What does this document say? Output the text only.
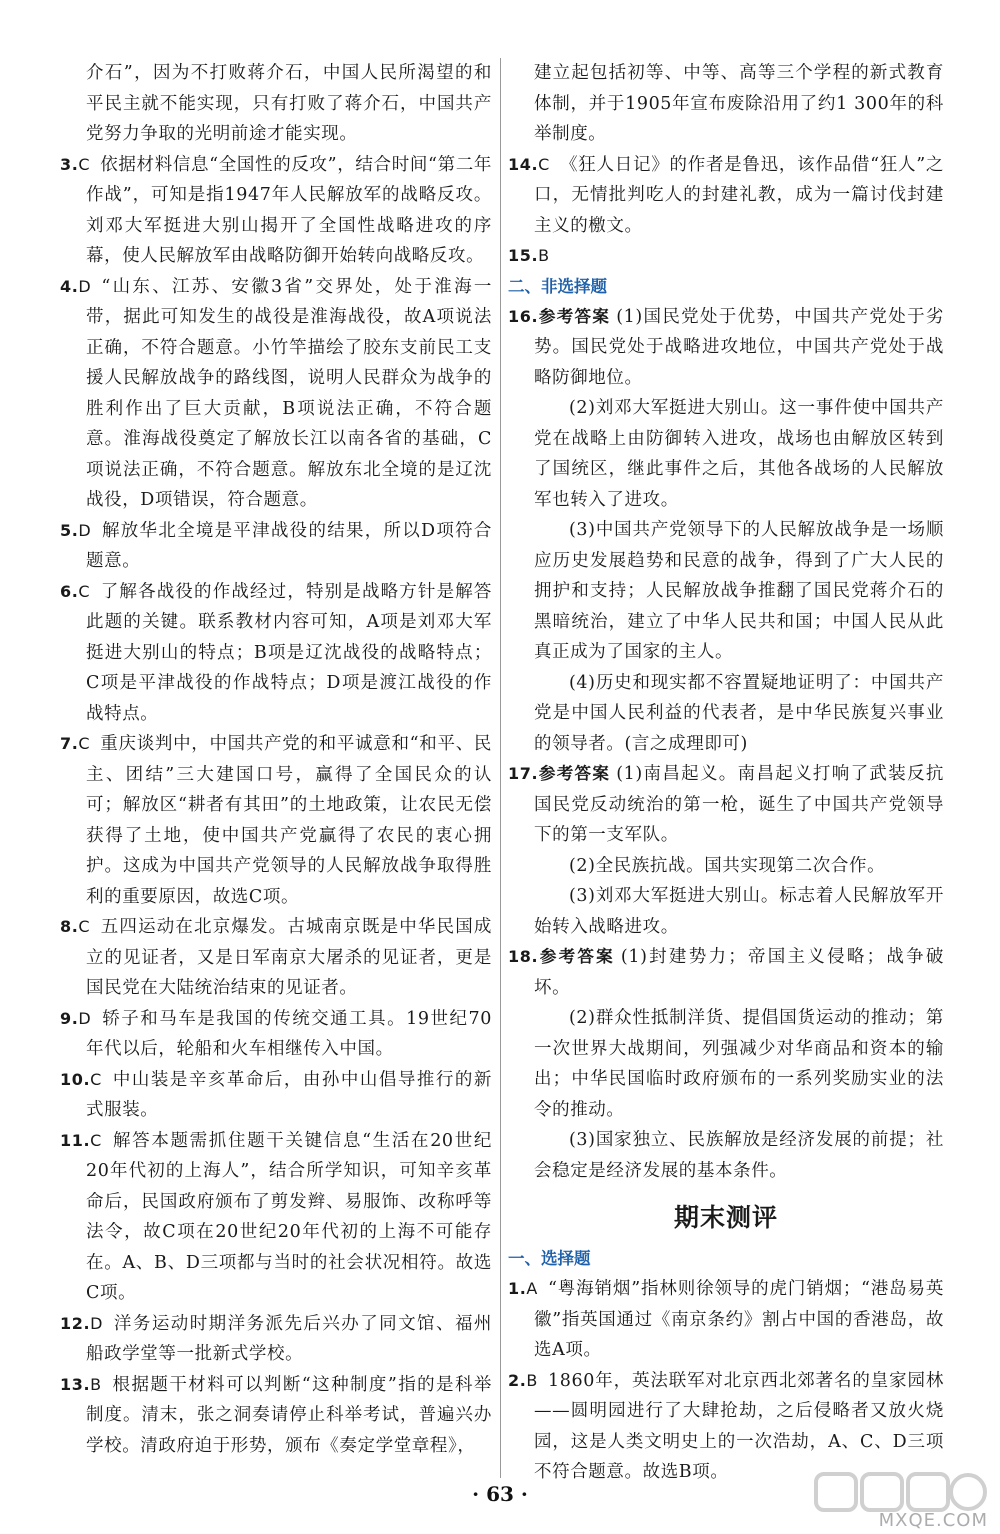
介石”，因为不打败蒋介石，中国人民所渴望的和平民主就不能实现，只有打败了蒋介石，中国共产党努力争取的光明前途才能实现。

3.C 依据材料信息“全国性的反攻”，结合时间“第二年作战”，可知是指1947年人民解放军的战略反攻。刘邓大军挺进大别山揭开了全国性战略进攻的序幕，使人民解放军由战略防御开始转向战略反攻。

4.D “山东、江苏、安徽3省”交界处，处于淮海一带，据此可知发生的战役是淮海战役，故A项说法正确，不符合题意。小竹竿描绘了胶东支前民工支援人民解放战争的路线图，说明人民群众为战争的胜利作出了巨大贡献，B项说法正确，不符合题意。淮海战役奠定了解放长江以南各省的基础，C项说法正确，不符合题意。解放东北全境的是辽沈战役，D项错误，符合题意。

5.D 解放华北全境是平津战役的结果，所以D项符合题意。

6.C 了解各战役的作战经过，特别是战略方针是解答此题的关键。联系教材内容可知，A项是刘邓大军挺进大别山的特点；B项是辽沈战役的战略特点；C项是平津战役的作战特点；D项是渡江战役的作战特点。

7.C 重庆谈判中，中国共产党的和平诚意和“和平、民主、团结”三大建国口号，赢得了全国民众的认可；解放区“耕者有其田”的土地政策，让农民无偿获得了土地，使中国共产党赢得了农民的衷心拥护。这成为中国共产党领导的人民解放战争取得胜利的重要原因，故选C项。

8.C 五四运动在北京爆发。古城南京既是中华民国成立的见证者，又是日军南京大屠杀的见证者，更是国民党在大陆统治结束的见证者。

9.D 轿子和马车是我国的传统交通工具。19世纪70年代以后，轮船和火车相继传入中国。

10.C 中山装是辛亥革命后，由孙中山倡导推行的新式服装。

11.C 解答本题需抓住题干关键信息“生活在20世纪20年代初的上海人”，结合所学知识，可知辛亥革命后，民国政府颁布了剪发辫、易服饰、改称呼等法令，故C项在20世纪20年代初的上海不可能存在。A、B、D三项都与当时的社会状况相符。故选C项。

12.D 洋务运动时期洋务派先后兴办了同文馆、福州船政学堂等一批新式学校。

13.B 根据题干材料可以判断“这种制度”指的是科举制度。清末，张之洞奏请停止科举考试，普遍兴办学校。清政府迫于形势，颁布《奏定学堂章程》，

建立起包括初等、中等、高等三个学程的新式教育体制，并于1905年宣布废除沿用了约1 300年的科举制度。

14.C 《狂人日记》的作者是鲁迅，该作品借“狂人”之口，无情批判吃人的封建礼教，成为一篇讨伐封建主义的檄文。

15.B

二、非选择题

16.参考答案 (1)国民党处于优势，中国共产党处于劣势。国民党处于战略进攻地位，中国共产党处于战略防御地位。

(2)刘邓大军挺进大别山。这一事件使中国共产党在战略上由防御转入进攻，战场也由解放区转到了国统区，继此事件之后，其他各战场的人民解放军也转入了进攻。

(3)中国共产党领导下的人民解放战争是一场顺应历史发展趋势和民意的战争，得到了广大人民的拥护和支持；人民解放战争推翻了国民党蒋介石的黑暗统治，建立了中华人民共和国；中国人民从此真正成为了国家的主人。

(4)历史和现实都不容置疑地证明了：中国共产党是中国人民利益的代表者，是中华民族复兴事业的领导者。(言之成理即可)

17.参考答案 (1)南昌起义。南昌起义打响了武装反抗国民党反动统治的第一枪，诞生了中国共产党领导下的第一支军队。

(2)全民族抗战。国共实现第二次合作。

(3)刘邓大军挺进大别山。标志着人民解放军开始转入战略进攻。

18.参考答案 (1)封建势力；帝国主义侵略；战争破坏。

(2)群众性抵制洋货、提倡国货运动的推动；第一次世界大战期间，列强减少对华商品和资本的输出；中华民国临时政府颁布的一系列奖励实业的法令的推动。

(3)国家独立、民族解放是经济发展的前提；社会稳定是经济发展的基本条件。

期末测评

一、选择题

1.A “粤海销烟”指林则徐领导的虎门销烟；“港岛易英徽”指英国通过《南京条约》割占中国的香港岛，故选A项。

2.B 1860年，英法联军对北京西北郊著名的皇家园林——圆明园进行了大肆抢劫，之后侵略者又放火烧园，这是人类文明史上的一次浩劫，A、C、D三项不符合题意。故选B项。

· 63 ·
MXQE.COM
